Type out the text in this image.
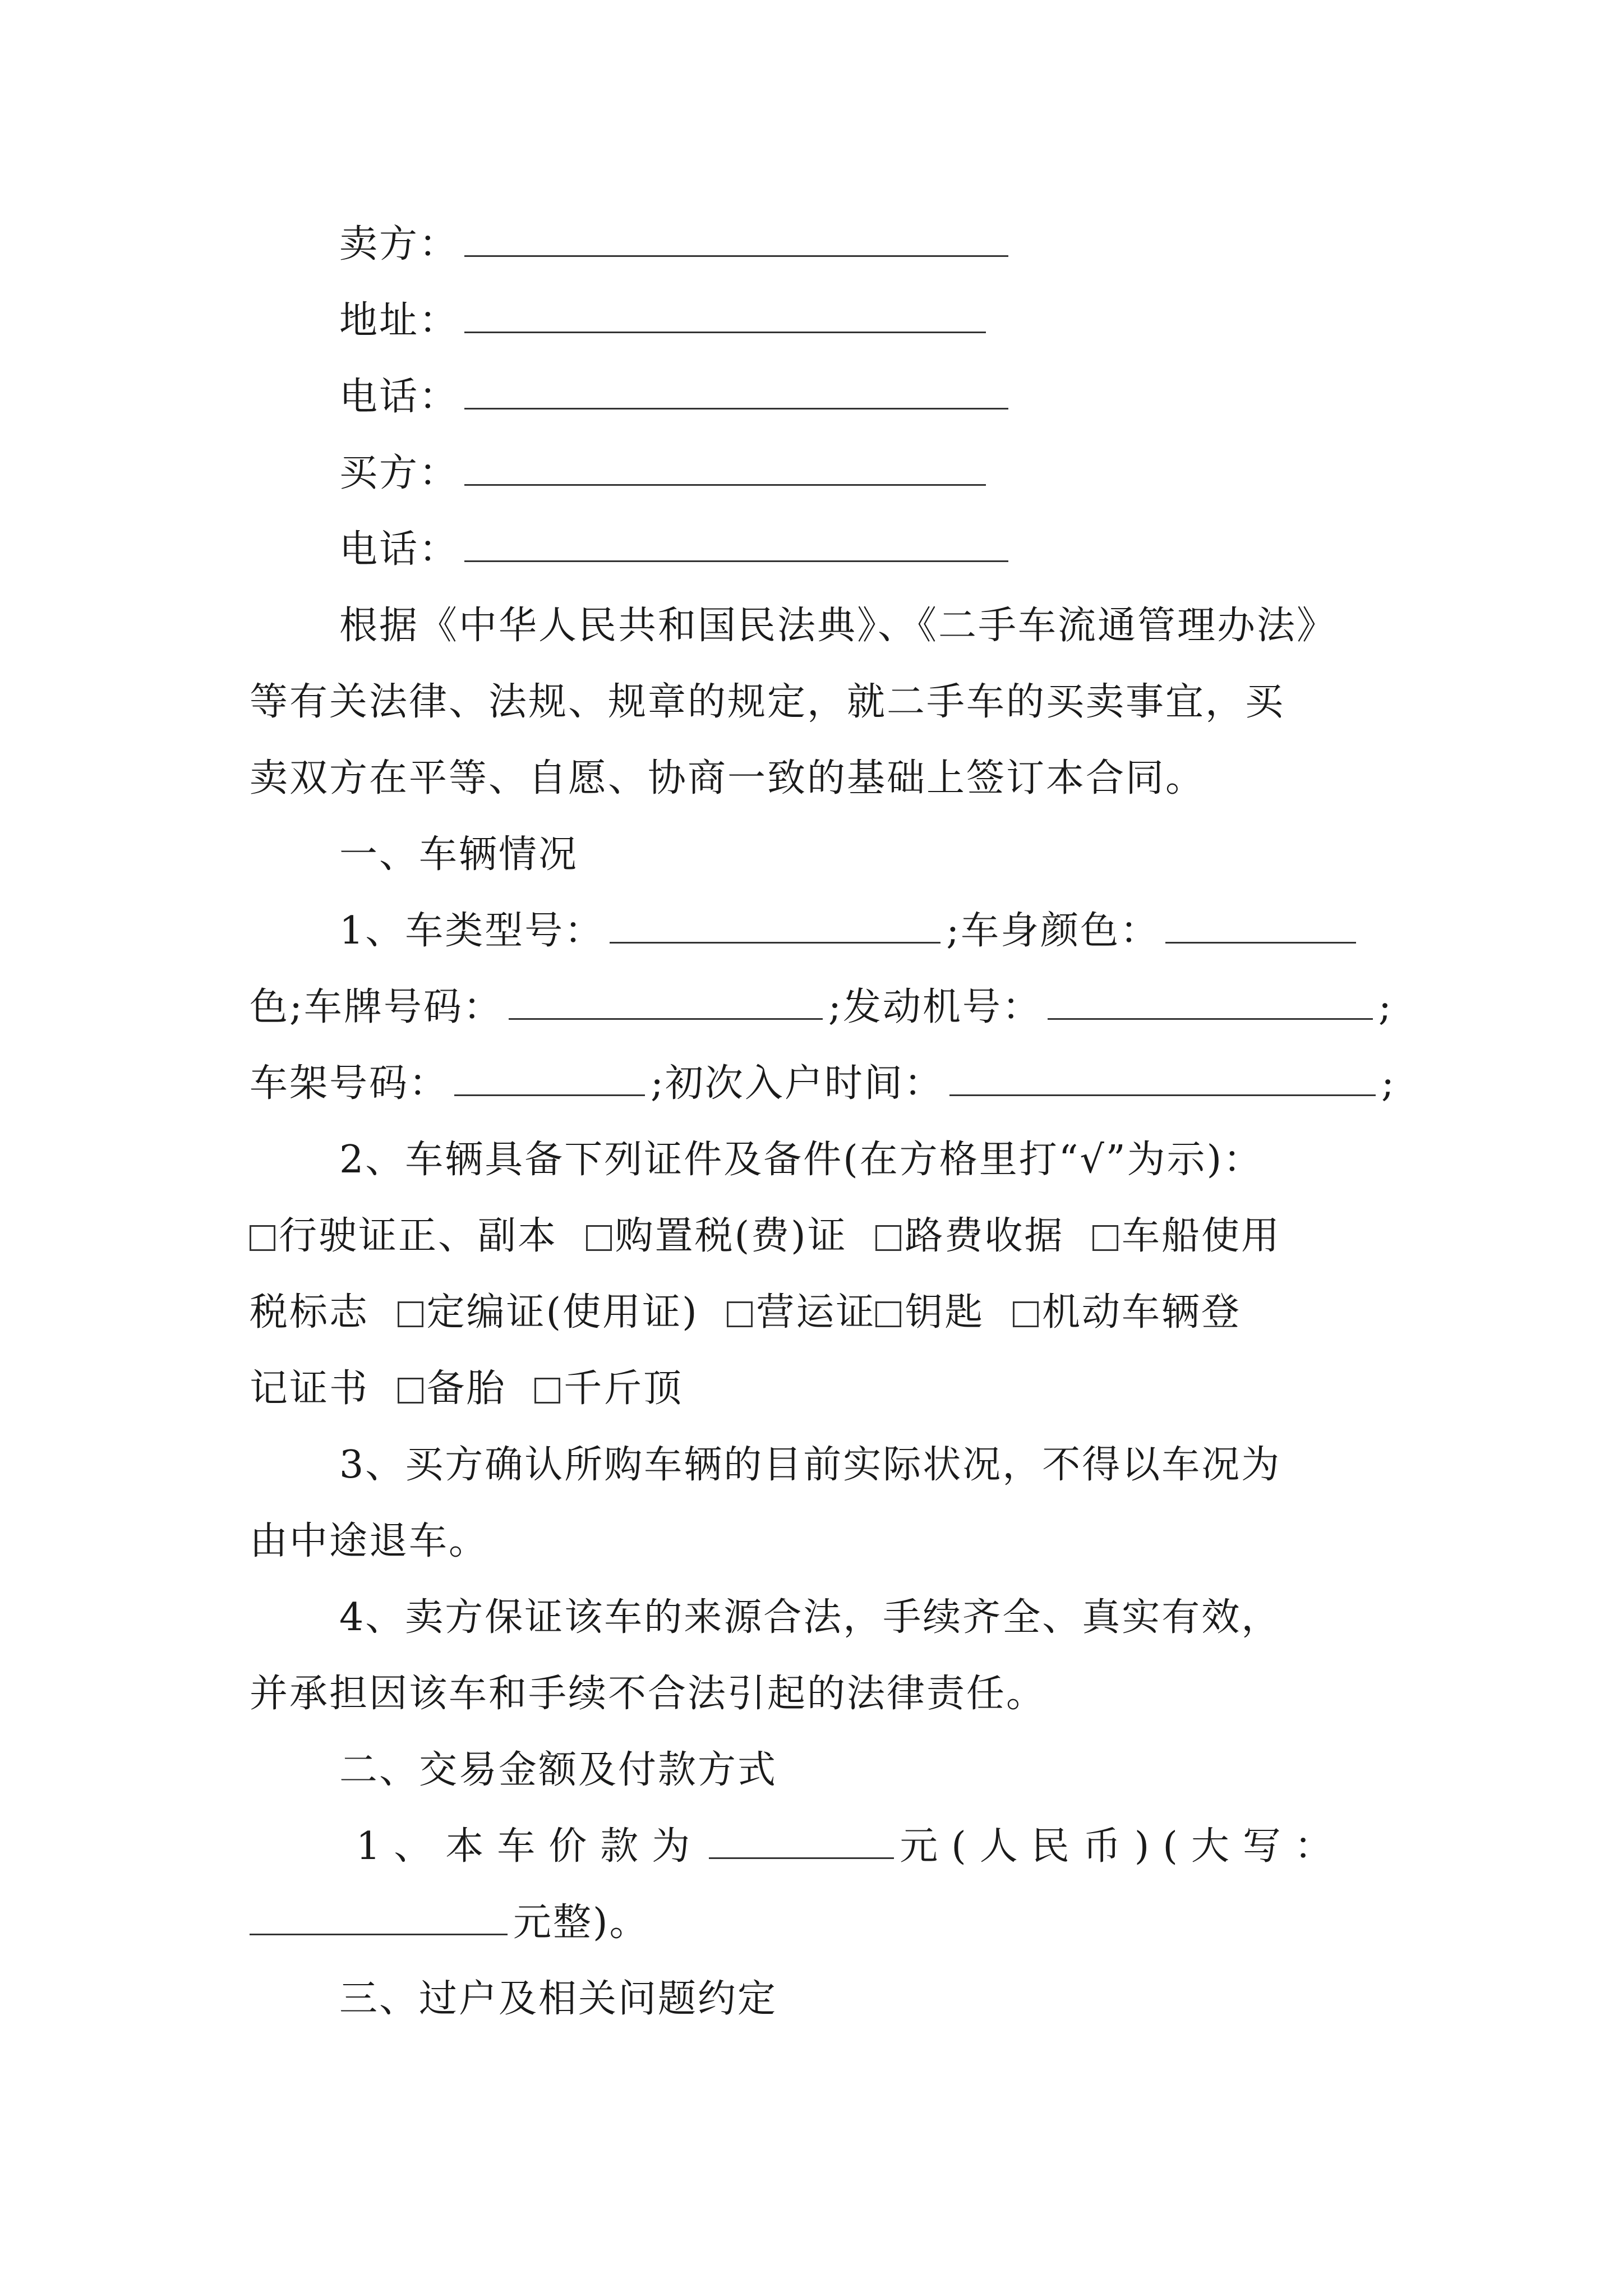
卖方：
地址：
电话：
买方：
电话：
根据《中华人民共和国民法典》、《二手车流通管理办法》
等有关法律、法规、规章的规定，就二手车的买卖事宜，买
卖双方在平等、自愿、协商一致的基础上签订本合同。
一、车辆情况
1、车类型号：	;车身颜色：
色;车牌号码：	;发动机号：	;
车架号码：	;初次入户时间：	;
2、车辆具备下列证件及备件(在方格里打“√”为示)：
行驶证正、副本 购置税(费)证 路费收据 车船使用
税标志 定编证(使用证) 营运证 钥匙 机动车辆登
记证书 备胎 千斤顶
3、买方确认所购车辆的目前实际状况，不得以车况为
由中途退车。
4、卖方保证该车的来源合法，手续齐全、真实有效，
并承担因该车和手续不合法引起的法律责任。
二、交易金额及付款方式
1、本车价款为	元(人民币)(大写：
元整)。
三、过户及相关问题约定
